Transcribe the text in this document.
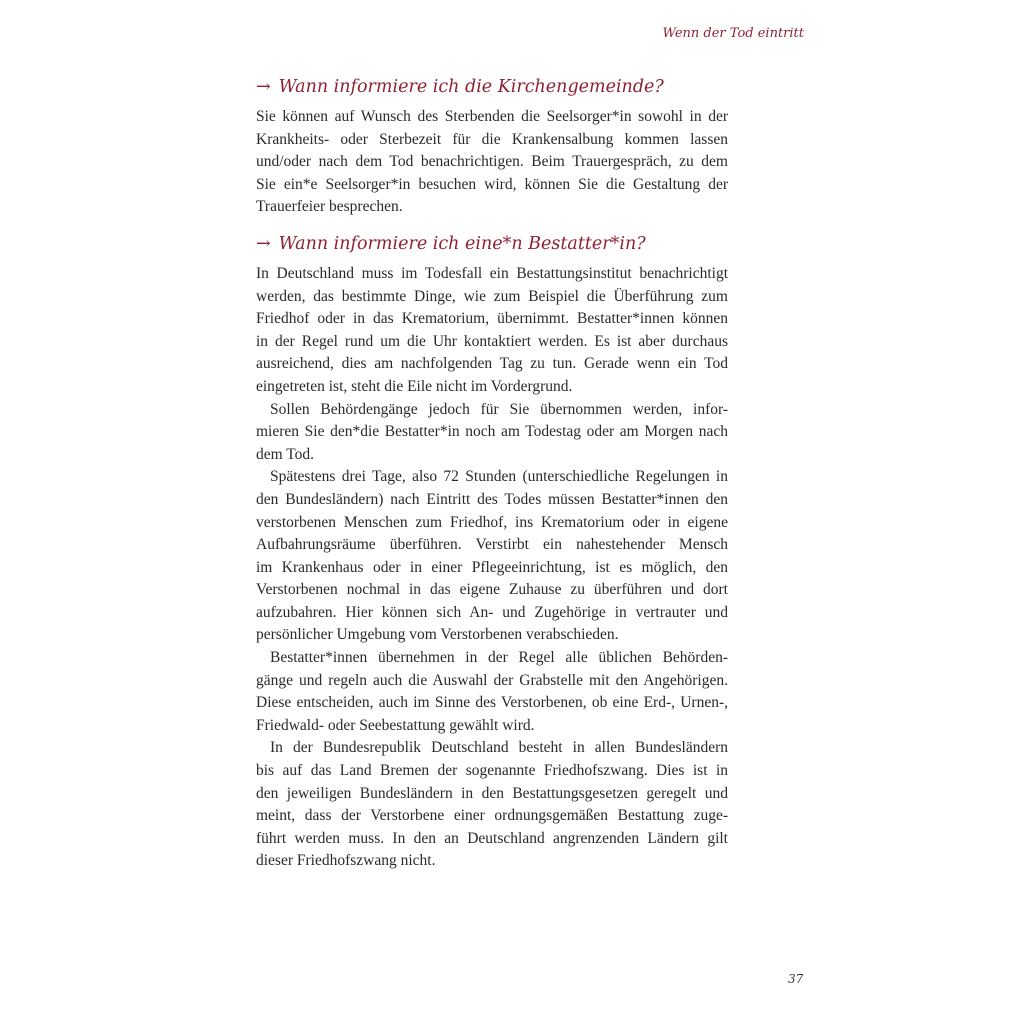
Wenn der Tod eintritt
→ Wann informiere ich die Kirchengemeinde?
Sie können auf Wunsch des Sterbenden die Seelsorger*in sowohl in der
Krankheits- oder Sterbezeit für die Krankensalbung kommen lassen
und/oder nach dem Tod benachrichtigen. Beim Trauergespräch, zu dem
Sie ein*e Seelsorger*in besuchen wird, können Sie die Gestaltung der
Trauerfeier besprechen.
→ Wann informiere ich eine*n Bestatter*in?
In Deutschland muss im Todesfall ein Bestattungsinstitut benachrichtigt
werden, das bestimmte Dinge, wie zum Beispiel die Überführung zum
Friedhof oder in das Krematorium, übernimmt. Bestatter*innen können
in der Regel rund um die Uhr kontaktiert werden. Es ist aber durchaus
ausreichend, dies am nachfolgenden Tag zu tun. Gerade wenn ein Tod
eingetreten ist, steht die Eile nicht im Vordergrund.
Sollen Behördengänge jedoch für Sie übernommen werden, infor-
mieren Sie den*die Bestatter*in noch am Todestag oder am Morgen nach
dem Tod.
Spätestens drei Tage, also 72 Stunden (unterschiedliche Regelungen in
den Bundesländern) nach Eintritt des Todes müssen Bestatter*innen den
verstorbenen Menschen zum Friedhof, ins Krematorium oder in eigene
Aufbahrungsräume überführen. Verstirbt ein nahestehender Mensch
im Krankenhaus oder in einer Pflegeeinrichtung, ist es möglich, den
Verstorbenen nochmal in das eigene Zuhause zu überführen und dort
aufzubahren. Hier können sich An- und Zugehörige in vertrauter und
persönlicher Umgebung vom Verstorbenen verabschieden.
Bestatter*innen übernehmen in der Regel alle üblichen Behörden-
gänge und regeln auch die Auswahl der Grabstelle mit den Angehörigen.
Diese entscheiden, auch im Sinne des Verstorbenen, ob eine Erd-, Urnen-,
Friedwald- oder Seebestattung gewählt wird.
In der Bundesrepublik Deutschland besteht in allen Bundesländern
bis auf das Land Bremen der sogenannte Friedhofszwang. Dies ist in
den jeweiligen Bundesländern in den Bestattungsgesetzen geregelt und
meint, dass der Verstorbene einer ordnungsgemäßen Bestattung zuge-
führt werden muss. In den an Deutschland angrenzenden Ländern gilt
dieser Friedhofszwang nicht.
37
